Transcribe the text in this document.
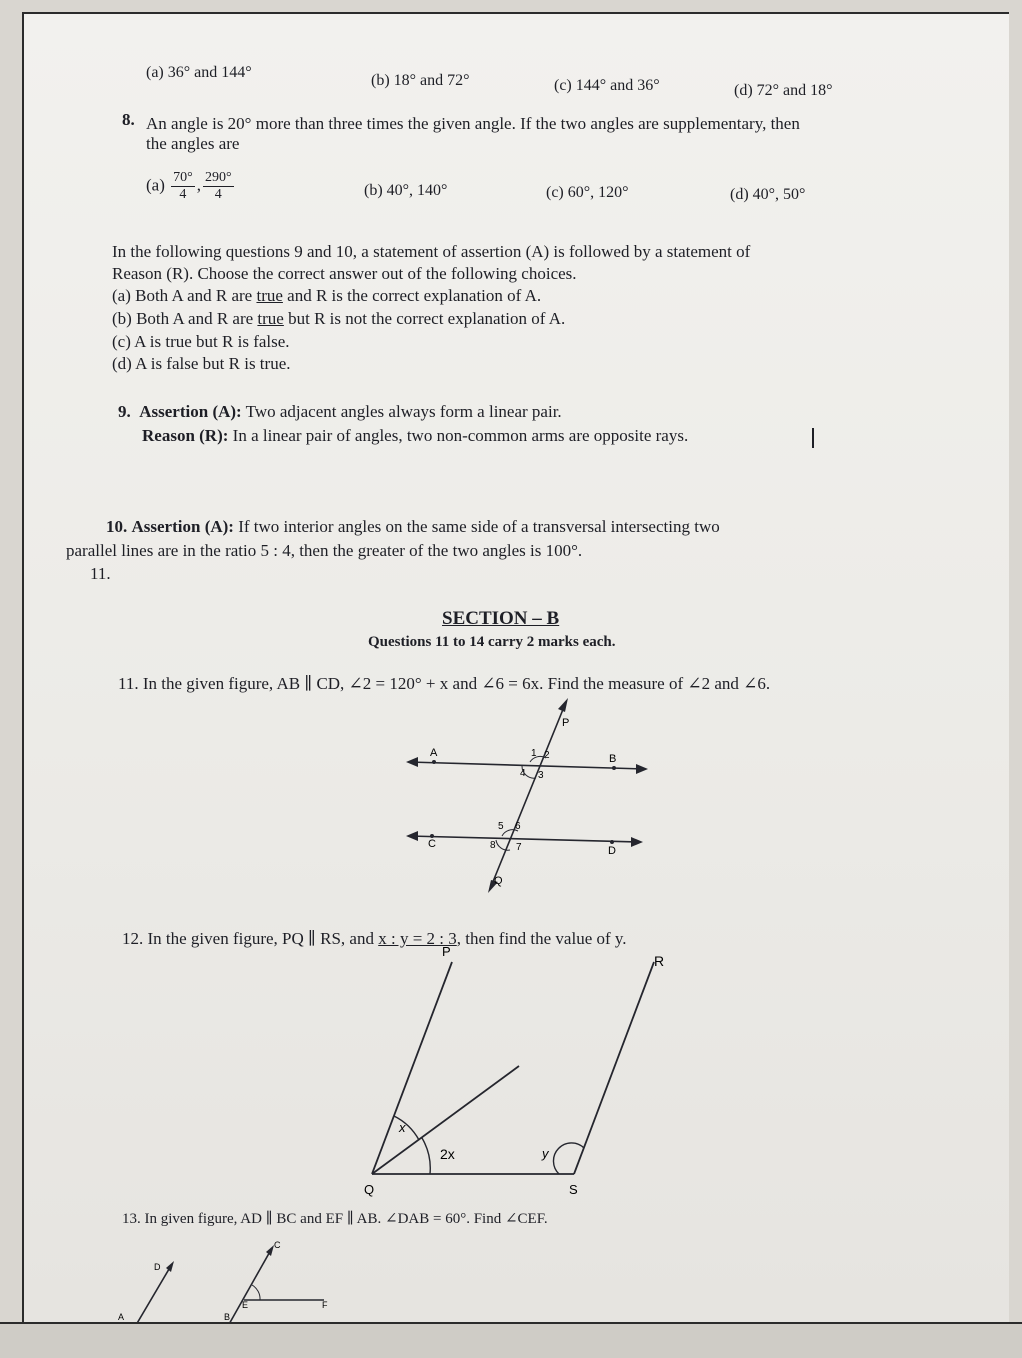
(a) 36° and 144°	(b) 18° and 72°	(c) 144° and 36°	(d) 72° and 18°
8. An angle is 20° more than three times the given angle. If the two angles are supplementary, then
the angles are
$(a) \frac{70^\circ}{4}$ , $\frac{290^\circ}{4}$	(b) 40°, 140°	(c) 60°, 120°	(d) 40°, 50°
In the following questions 9 and 10, a statement of assertion (A) is followed by a statement of
Reason (R). Choose the correct answer out of the following choices.
(a) Both A and R are true and R is the correct explanation of A.
(b) Both A and R are true but R is not the correct explanation of A.
(c) A is true but R is false.
(d) A is false but R is true.
9. Assertion (A): Two adjacent angles always form a linear pair.
Reason (R): In a linear pair of angles, two non-common arms are opposite rays.
10. Assertion (A): If two interior angles on the same side of a transversal intersecting two
parallel lines are in the ratio 5 : 4, then the greater of the two angles is 100°.
11.
SECTION – B
Questions 11 to 14 carry 2 marks each.
11. In the given figure, AB ∥ CD, ∠2 = 120° + x and ∠6 = 6x. Find the measure of ∠2 and ∠6.
P
A	B
C
D
Q
1 2
3
4
5 6
7
8
P
R
Q	S
x
2x	y
D
C
E	F
A	B
12. In the given figure, PQ ∥ RS, and x : y = 2 : 3, then find the value of y.
13. In given figure, AD ∥ BC and EF ∥ AB. ∠DAB = 60°. Find ∠CEF.
